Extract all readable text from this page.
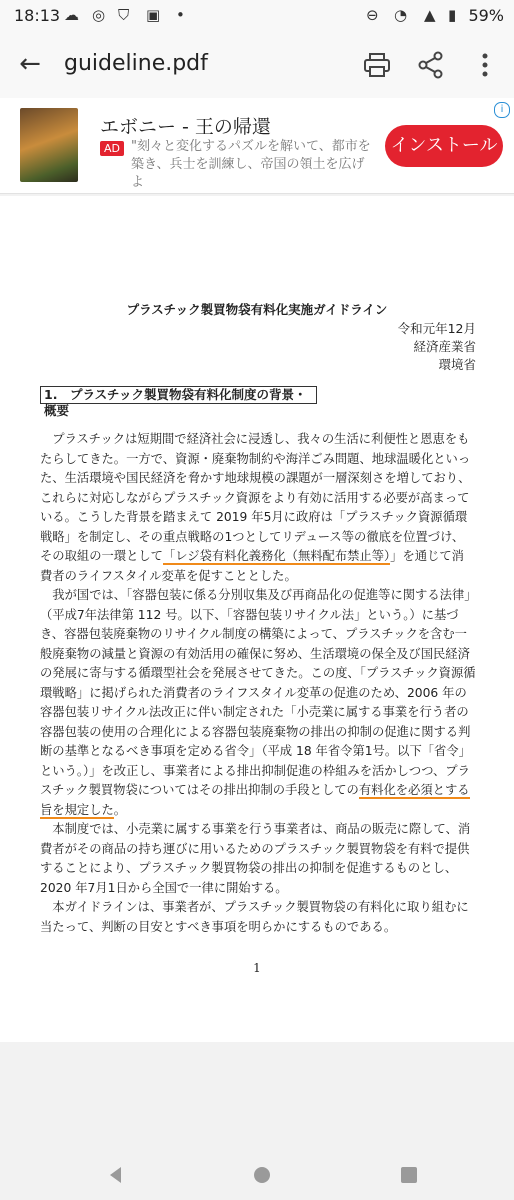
18:13 ☁ ◎ ⛉ ▣ •	⊖ ◔ ▲ ▮ 59%
← guideline.pdf
エボニー - 王の帰還
AD "刻々と変化するパズルを解いて、都市を築き、兵士を訓練し、帝国の領土を広げよ
インストール
i
プラスチック製買物袋有料化実施ガイドライン
令和元年12月
経済産業省
環境省
1.　プラスチック製買物袋有料化制度の背景・概要

プラスチックは短期間で経済社会に浸透し、我々の生活に利便性と恩恵をもたらしてきた。一方で、資源・廃棄物制約や海洋ごみ問題、地球温暖化といった、生活環境や国民経済を脅かす地球規模の課題が一層深刻さを増しており、これらに対応しながらプラスチック資源をより有効に活用する必要が高まっている。こうした背景を踏まえて 2019 年5月に政府は「プラスチック資源循環戦略」を制定し、その重点戦略の1つとしてリデュース等の徹底を位置づけ、その取組の一環として「レジ袋有料化義務化（無料配布禁止等）」を通じて消費者のライフスタイル変革を促すこととした。

我が国では、「容器包装に係る分別収集及び再商品化の促進等に関する法律」（平成7年法律第 112 号。以下、「容器包装リサイクル法」という。）に基づき、容器包装廃棄物のリサイクル制度の構築によって、プラスチックを含む一般廃棄物の減量と資源の有効活用の確保に努め、生活環境の保全及び国民経済の発展に寄与する循環型社会を発展させてきた。この度、「プラスチック資源循環戦略」に掲げられた消費者のライフスタイル変革の促進のため、2006 年の容器包装リサイクル法改正に伴い制定された「小売業に属する事業を行う者の容器包装の使用の合理化による容器包装廃棄物の排出の抑制の促進に関する判断の基準となるべき事項を定める省令」（平成 18 年省令第1号。以下「省令」という。）」を改正し、事業者による排出抑制促進の枠組みを活かしつつ、プラスチック製買物袋についてはその排出抑制の手段としての有料化を必須とする旨を規定した。

本制度では、小売業に属する事業を行う事業者は、商品の販売に際して、消費者がその商品の持ち運びに用いるためのプラスチック製買物袋を有料で提供することにより、プラスチック製買物袋の排出の抑制を促進するものとし、2020 年7月1日から全国で一律に開始する。

本ガイドラインは、事業者が、プラスチック製買物袋の有料化に取り組むに当たって、判断の目安とすべき事項を明らかにするものである。

1
